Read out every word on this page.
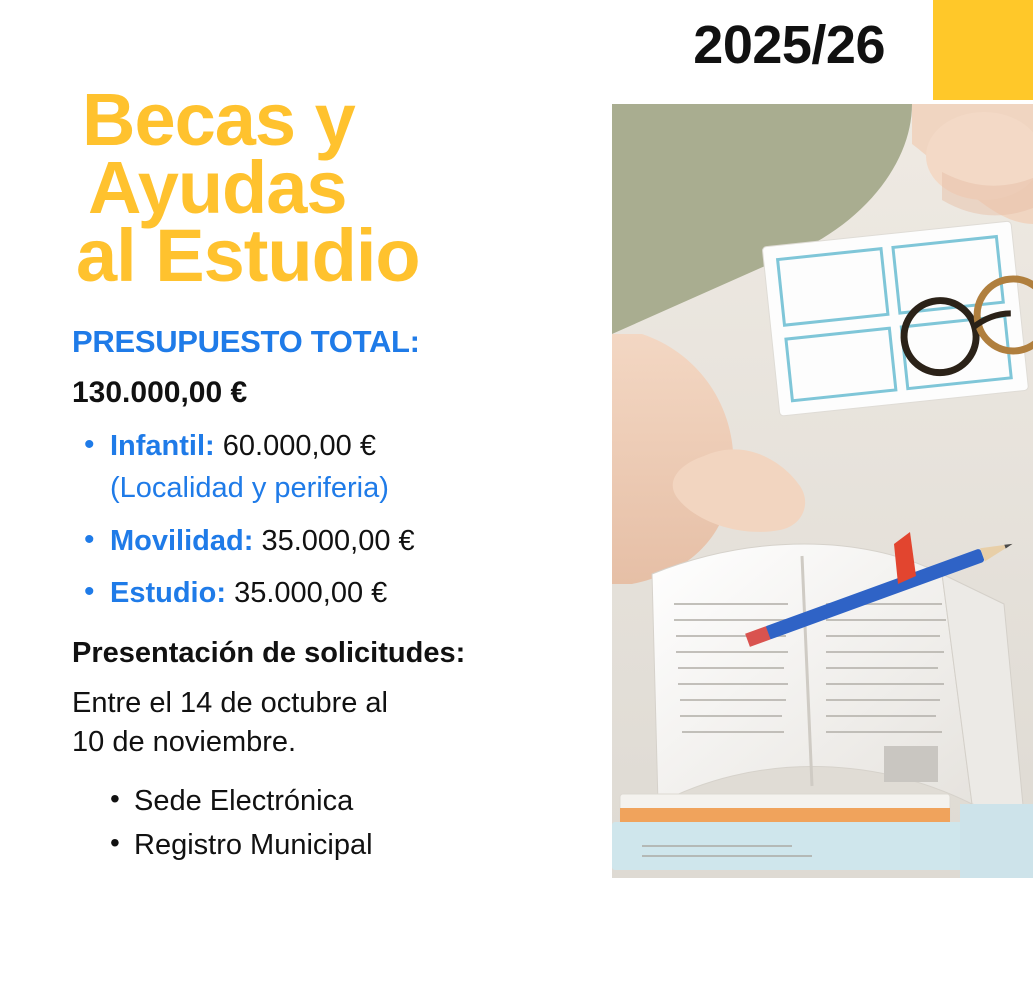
2025/26
Becas y
Ayudas
al Estudio
PRESUPUESTO TOTAL:
130.000,00 €
• Infantil: 60.000,00 €
(Localidad y periferia)
• Movilidad: 35.000,00 €
• Estudio: 35.000,00 €
Presentación de solicitudes:
Entre el 14 de octubre al
10 de noviembre.
• Sede Electrónica
• Registro Municipal
